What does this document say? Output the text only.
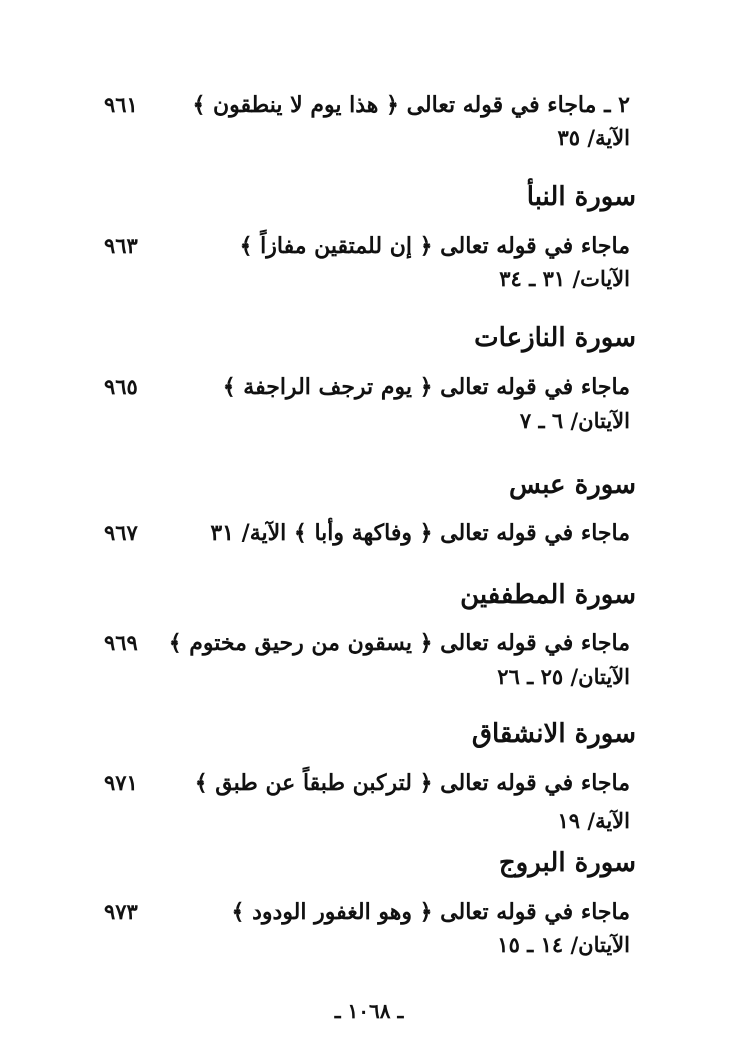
٢ ـ ماجاء في قوله تعالى ﴿ هذا يوم لا ينطقون ﴾
الآية/ ٣٥
٩٦١
سورة النبأ
ماجاء في قوله تعالى ﴿ إن للمتقين مفازاً ﴾
الآيات/ ٣١ ـ ٣٤
٩٦٣
سورة النازعات
ماجاء في قوله تعالى ﴿ يوم ترجف الراجفة ﴾
الآيتان/ ٦ ـ ٧
٩٦٥
سورة عبس
ماجاء في قوله تعالى ﴿ وفاكهة وأبا ﴾ الآية/ ٣١
٩٦٧
سورة المطففين
ماجاء في قوله تعالى ﴿ يسقون من رحيق مختوم ﴾
الآيتان/ ٢٥ ـ ٢٦
٩٦٩
سورة الانشقاق
ماجاء في قوله تعالى ﴿ لتركبن طبقاً عن طبق ﴾
الآية/ ١٩
٩٧١
سورة البروج
ماجاء في قوله تعالى ﴿ وهو الغفور الودود ﴾
الآيتان/ ١٤ ـ ١٥
٩٧٣
ـ ١٠٦٨ ـ
